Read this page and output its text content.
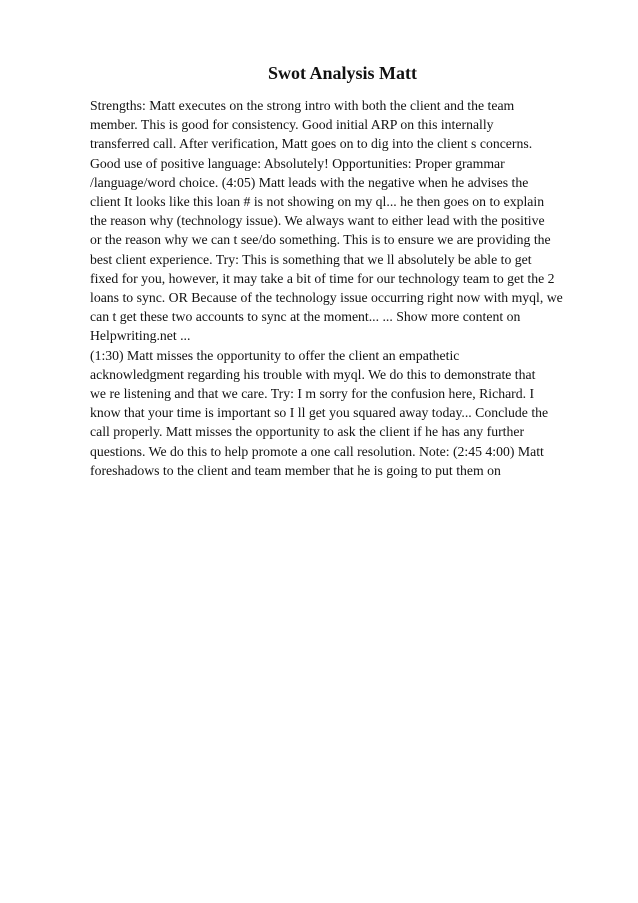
Swot Analysis Matt

Strengths: Matt executes on the strong intro with both the client and the team
member. This is good for consistency. Good initial ARP on this internally
transferred call. After verification, Matt goes on to dig into the client s concerns.
Good use of positive language: Absolutely! Opportunities: Proper grammar
/language/word choice. (4:05) Matt leads with the negative when he advises the
client It looks like this loan # is not showing on my ql... he then goes on to explain
the reason why (technology issue). We always want to either lead with the positive
or the reason why we can t see/do something. This is to ensure we are providing the
best client experience. Try: This is something that we ll absolutely be able to get
fixed for you, however, it may take a bit of time for our technology team to get the 2
loans to sync. OR Because of the technology issue occurring right now with myql, we
can t get these two accounts to sync at the moment... ... Show more content on
Helpwriting.net ...

(1:30) Matt misses the opportunity to offer the client an empathetic
acknowledgment regarding his trouble with myql. We do this to demonstrate that
we re listening and that we care. Try: I m sorry for the confusion here, Richard. I
know that your time is important so I ll get you squared away today... Conclude the
call properly. Matt misses the opportunity to ask the client if he has any further
questions. We do this to help promote a one call resolution. Note: (2:45 4:00) Matt
foreshadows to the client and team member that he is going to put them on
